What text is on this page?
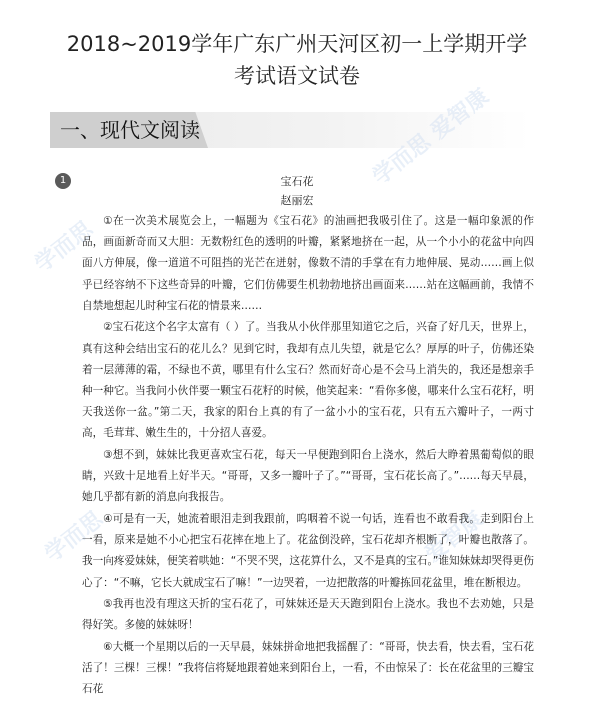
2018~2019学年广东广州天河区初一上学期开学
考试语文试卷
一、现代文阅读	学而思 爱智康
学而思
学而思	爱智康
1	宝石花
赵丽宏

①在一次美术展览会上，一幅题为《宝石花》的油画把我吸引住了。这是一幅印象派的作品，画面新奇而又大胆：无数粉红色的透明的叶瓣，紧紧地挤在一起，从一个小小的花盆中向四面八方伸展，像一道道不可阻挡的光芒在迸射，像数不清的手掌在有力地伸展、晃动……画上似乎已经容纳不下这些奇异的叶瓣，它们仿佛要生机勃勃地挤出画面来……站在这幅画前，我情不自禁地想起儿时种宝石花的情景来……

②宝石花这个名字太富有（ ）了。当我从小伙伴那里知道它之后，兴奋了好几天，世界上，真有这种会结出宝石的花儿么？见到它时，我却有点儿失望，就是它么？厚厚的叶子，仿佛还染着一层薄薄的霜，不绿也不黄，哪里有什么宝石？然而好奇心是不会马上消失的，我还是想亲手种一种它。当我问小伙伴要一颗宝石花籽的时候，他笑起来：“看你多傻，哪来什么宝石花籽，明天我送你一盆。”第二天，我家的阳台上真的有了一盆小小的宝石花，只有五六瓣叶子，一两寸高，毛茸茸、嫩生生的，十分招人喜爱。

③想不到，妹妹比我更喜欢宝石花，每天一早便跑到阳台上浇水，然后大睁着黑葡萄似的眼睛，兴致十足地看上好半天。“哥哥，又多一瓣叶子了。”“哥哥，宝石花长高了。”……每天早晨，她几乎都有新的消息向我报告。

④可是有一天，她流着眼泪走到我跟前，呜咽着不说一句话，连看也不敢看我。走到阳台上一看，原来是她不小心把宝石花摔在地上了。花盆倒没碎，宝石花却齐根断了，叶瓣也散落了。我一向疼爱妹妹，便笑着哄她：“不哭不哭，这花算什么，又不是真的宝石。”谁知妹妹却哭得更伤心了：“不嘛，它长大就成宝石了嘛！”一边哭着，一边把散落的叶瓣拣回花盆里，堆在断根边。

⑤我再也没有理这天折的宝石花了，可妹妹还是天天跑到阳台上浇水。我也不去劝她，只是得好笑。多傻的妹妹呀！

⑥大概一个星期以后的一天早晨，妹妹拼命地把我摇醒了：“哥哥，快去看，快去看，宝石花活了！三棵！三棵！”我将信将疑地跟着她来到阳台上，一看，不由惊呆了：长在花盆里的三瓣宝石花
